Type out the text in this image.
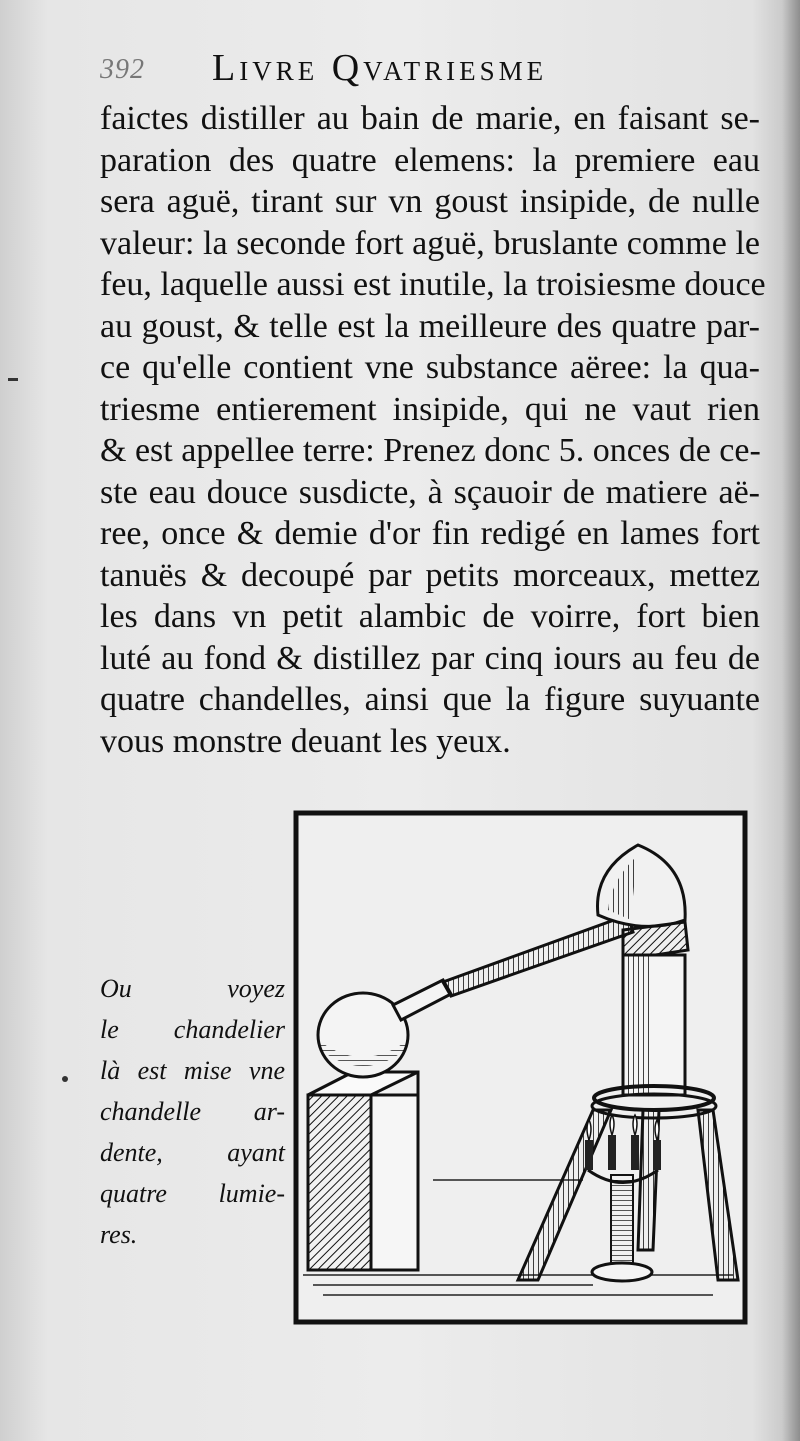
392 Livre Qvatriesme
faictes distiller au bain de marie, en faisant se-
paration des quatre elemens: la premiere eau
sera aguë, tirant sur vn goust insipide, de nulle
valeur: la seconde fort aguë, bruslante comme le
feu, laquelle aussi est inutile, la troisiesme douce
au goust, & telle est la meilleure des quatre par-
ce qu'elle contient vne substance aëree: la qua-
triesme entierement insipide, qui ne vaut rien
& est appellee terre: Prenez donc 5. onces de ce-
ste eau douce susdicte, à sçauoir de matiere aë-
ree, once & demie d'or fin redigé en lames fort
tanuës & decoupé par petits morceaux, mettez
les dans vn petit alambic de voirre, fort bien
luté au fond & distillez par cinq iours au feu de
quatre chandelles, ainsi que la figure suyuante
vous monstre deuant les yeux.
Ou voyez
le chandelier
là est mise vne
chandelle ar-
dente, ayant
quatre lumie-
res.
